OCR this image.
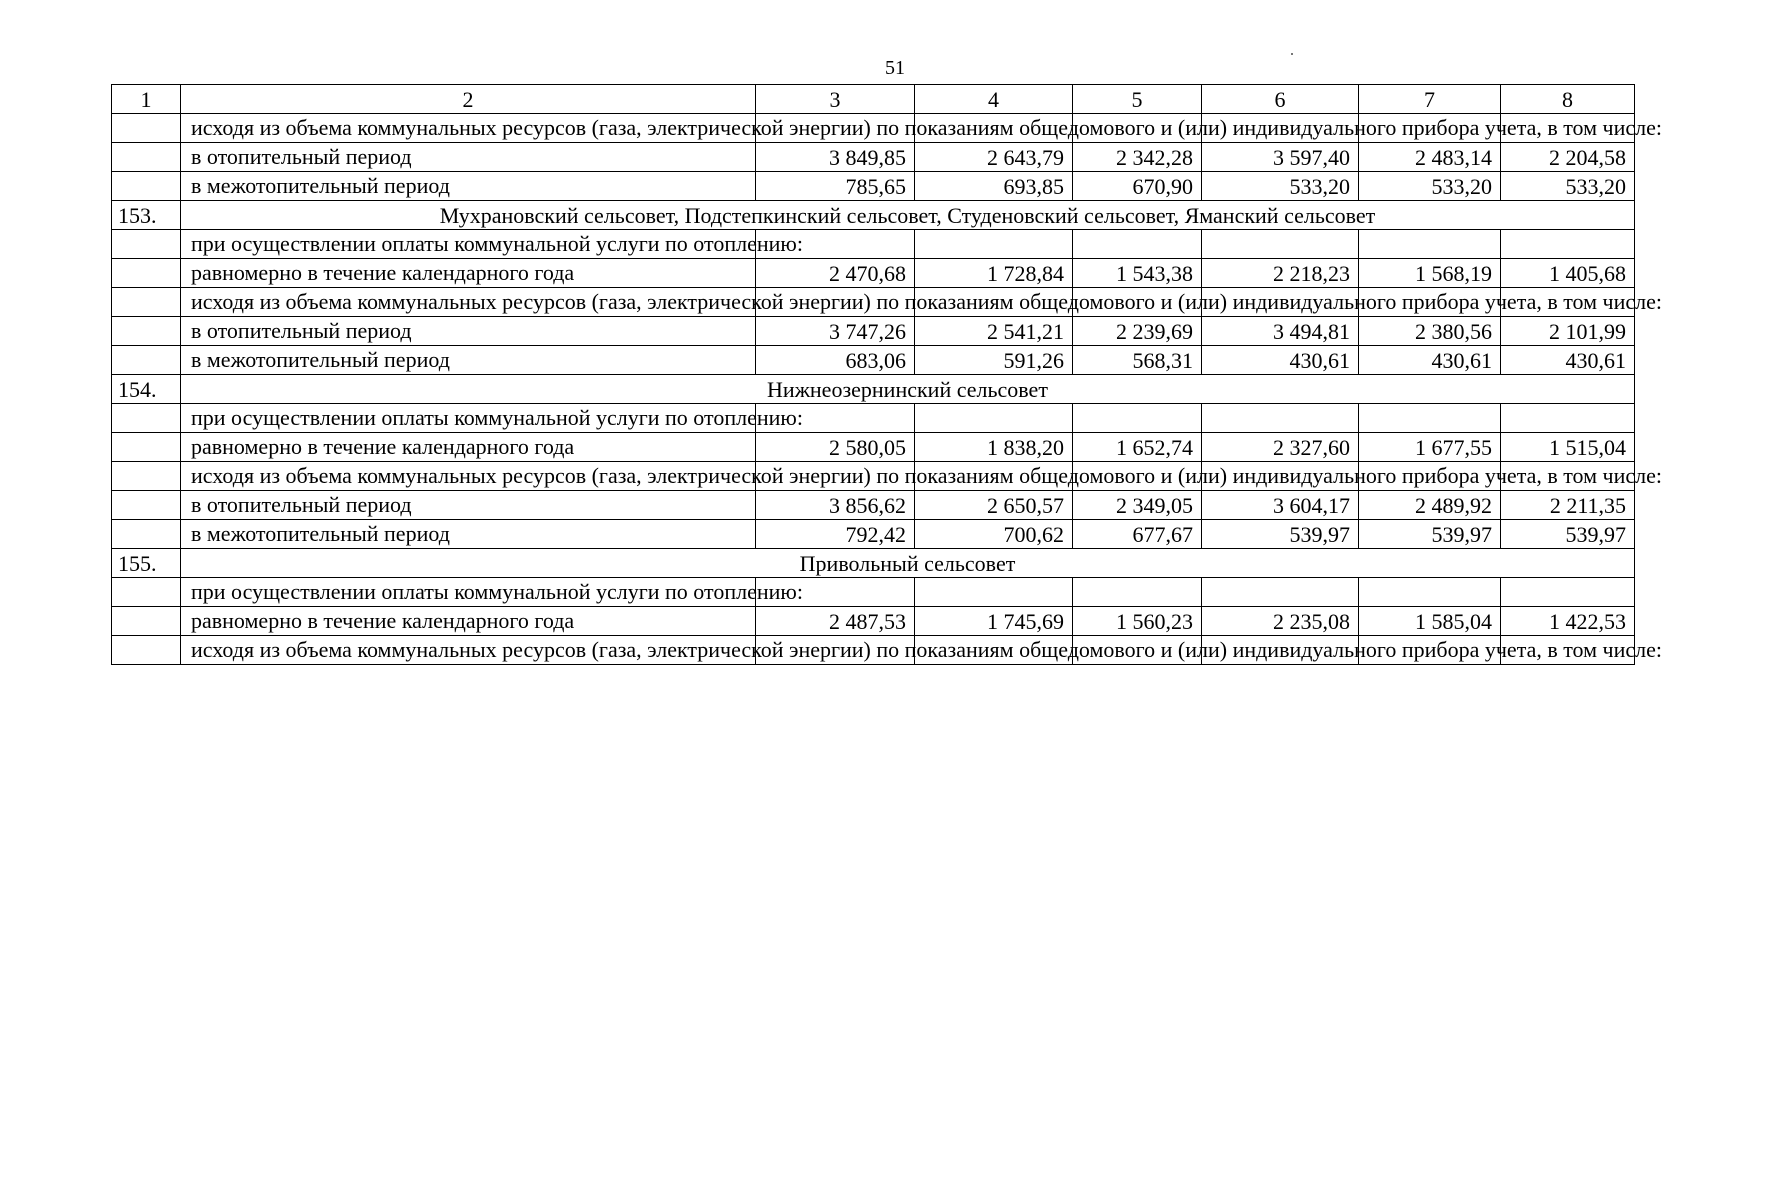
51
1	2	3	4	5	6	7	8
	исходя из объема коммунальных ресурсов (газа, электрической энергии) по показаниям общедомового и (или) индивидуального прибора учета, в том числе:						
	в отопительный период	3 849,85	2 643,79	2 342,28	3 597,40	2 483,14	2 204,58
	в межотопительный период	785,65	693,85	670,90	533,20	533,20	533,20
153.	Мухрановский сельсовет, Подстепкинский сельсовет, Студеновский сельсовет, Яманский сельсовет						
	при осуществлении оплаты коммунальной услуги по отоплению:						
	равномерно в течение календарного года	2 470,68	1 728,84	1 543,38	2 218,23	1 568,19	1 405,68
	исходя из объема коммунальных ресурсов (газа, электрической энергии) по показаниям общедомового и (или) индивидуального прибора учета, в том числе:						
	в отопительный период	3 747,26	2 541,21	2 239,69	3 494,81	2 380,56	2 101,99
	в межотопительный период	683,06	591,26	568,31	430,61	430,61	430,61
154.	Нижнеозернинский сельсовет						
	при осуществлении оплаты коммунальной услуги по отоплению:						
	равномерно в течение календарного года	2 580,05	1 838,20	1 652,74	2 327,60	1 677,55	1 515,04
	исходя из объема коммунальных ресурсов (газа, электрической энергии) по показаниям общедомового и (или) индивидуального прибора учета, в том числе:						
	в отопительный период	3 856,62	2 650,57	2 349,05	3 604,17	2 489,92	2 211,35
	в межотопительный период	792,42	700,62	677,67	539,97	539,97	539,97
155.	Привольный сельсовет						
	при осуществлении оплаты коммунальной услуги по отоплению:						
	равномерно в течение календарного года	2 487,53	1 745,69	1 560,23	2 235,08	1 585,04	1 422,53
	исходя из объема коммунальных ресурсов (газа, электрической энергии) по показаниям общедомового и (или) индивидуального прибора учета, в том числе:						
